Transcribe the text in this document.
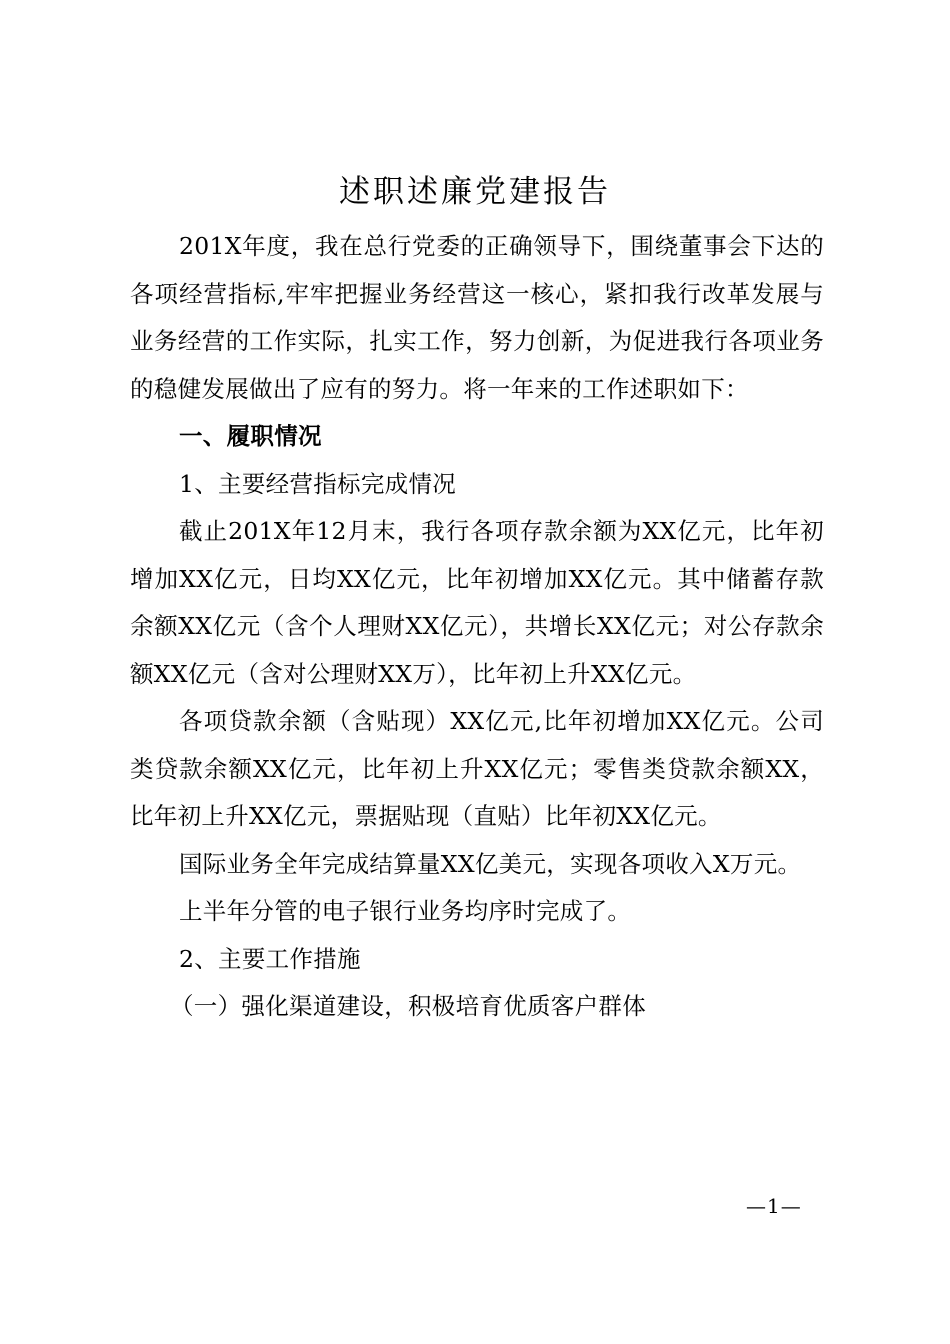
述职述廉党建报告

201X年度，我在总行党委的正确领导下，围绕董事会下达的各项经营指标,牢牢把握业务经营这一核心，紧扣我行改革发展与业务经营的工作实际，扎实工作，努力创新，为促进我行各项业务的稳健发展做出了应有的努力。将一年来的工作述职如下：

一、履职情况

1、主要经营指标完成情况

截止201X年12月末，我行各项存款余额为XX亿元，比年初增加XX亿元，日均XX亿元，比年初增加XX亿元。其中储蓄存款余额XX亿元（含个人理财XX亿元），共增长XX亿元；对公存款余额XX亿元（含对公理财XX万），比年初上升XX亿元。

各项贷款余额（含贴现）XX亿元,比年初增加XX亿元。公司类贷款余额XX亿元，比年初上升XX亿元；零售类贷款余额XX，比年初上升XX亿元，票据贴现（直贴）比年初XX亿元。

国际业务全年完成结算量XX亿美元，实现各项收入X万元。

上半年分管的电子银行业务均序时完成了。

2、主要工作措施

（一）强化渠道建设，积极培育优质客户群体

—1—
